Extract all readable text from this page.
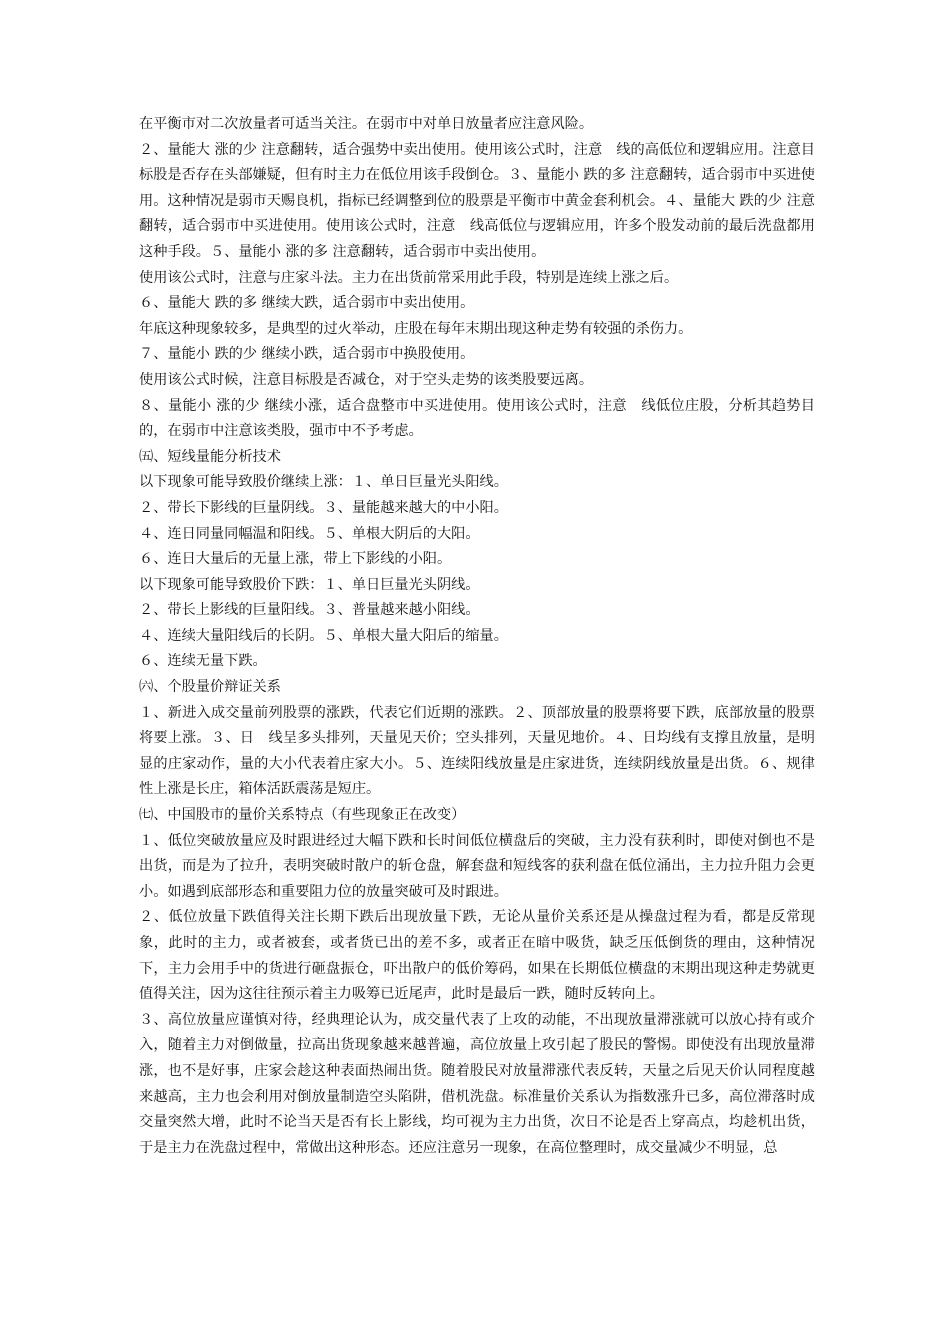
在平衡市对二次放量者可适当关注。在弱市中对单日放量者应注意风险。

２、量能大 涨的少 注意翻转，适合强势中卖出使用。使用该公式时，注意　线的高低位和逻辑应用。注意目标股是否存在头部嫌疑，但有时主力在低位用该手段倒仓。３、量能小 跌的多 注意翻转，适合弱市中买进使用。这种情况是弱市天赐良机，指标已经调整到位的股票是平衡市中黄金套利机会。４、量能大 跌的少 注意翻转，适合弱市中买进使用。使用该公式时，注意　线高低位与逻辑应用，许多个股发动前的最后洗盘都用这种手段。５、量能小 涨的多 注意翻转，适合弱市中卖出使用。

使用该公式时，注意与庄家斗法。主力在出货前常采用此手段，特别是连续上涨之后。

６、量能大 跌的多 继续大跌，适合弱市中卖出使用。

年底这种现象较多，是典型的过火举动，庄股在每年末期出现这种走势有较强的杀伤力。

７、量能小 跌的少 继续小跌，适合弱市中换股使用。

使用该公式时候，注意目标股是否减仓，对于空头走势的该类股要远离。

８、量能小 涨的少 继续小涨，适合盘整市中买进使用。使用该公式时，注意　线低位庄股，分析其趋势目的，在弱市中注意该类股，强市中不予考虑。

㈤、短线量能分析技术

以下现象可能导致股价继续上涨：１、单日巨量光头阳线。

２、带长下影线的巨量阴线。３、量能越来越大的中小阳。

４、连日同量同幅温和阳线。５、单根大阴后的大阳。

６、连日大量后的无量上涨，带上下影线的小阳。

以下现象可能导致股价下跌：１、单日巨量光头阴线。

２、带长上影线的巨量阳线。３、普量越来越小阳线。

４、连续大量阳线后的长阴。５、单根大量大阳后的缩量。

６、连续无量下跌。

㈥、个股量价辩证关系

１、新进入成交量前列股票的涨跌，代表它们近期的涨跌。２、顶部放量的股票将要下跌，底部放量的股票将要上涨。３、日　线呈多头排列，天量见天价；空头排列，天量见地价。４、日均线有支撑且放量，是明显的庄家动作，量的大小代表着庄家大小。５、连续阳线放量是庄家进货，连续阴线放量是出货。６、规律性上涨是长庄，箱体活跃震荡是短庄。

㈦、中国股市的量价关系特点（有些现象正在改变）

１、低位突破放量应及时跟进经过大幅下跌和长时间低位横盘后的突破，主力没有获利时，即使对倒也不是出货，而是为了拉升，表明突破时散户的斩仓盘，解套盘和短线客的获利盘在低位涌出，主力拉升阻力会更小。如遇到底部形态和重要阻力位的放量突破可及时跟进。

２、低位放量下跌值得关注长期下跌后出现放量下跌，无论从量价关系还是从操盘过程为看，都是反常现象，此时的主力，或者被套，或者货已出的差不多，或者正在暗中吸货，缺乏压低倒货的理由，这种情况下，主力会用手中的货进行砸盘振仓，吓出散户的低价筹码，如果在长期低位横盘的末期出现这种走势就更值得关注，因为这往往预示着主力吸筹已近尾声，此时是最后一跌，随时反转向上。

３、高位放量应谨慎对待，经典理论认为，成交量代表了上攻的动能，不出现放量滞涨就可以放心持有或介入，随着主力对倒做量，拉高出货现象越来越普遍，高位放量上攻引起了股民的警惕。即使没有出现放量滞涨，也不是好事，庄家会趁这种表面热闹出货。随着股民对放量滞涨代表反转，天量之后见天价认同程度越来越高，主力也会利用对倒放量制造空头陷阱，借机洗盘。标准量价关系认为指数涨升已多，高位滞落时成交量突然大增，此时不论当天是否有长上影线，均可视为主力出货，次日不论是否上穿高点，均趁机出货，于是主力在洗盘过程中，常做出这种形态。还应注意另一现象，在高位整理时，成交量减少不明显，总
